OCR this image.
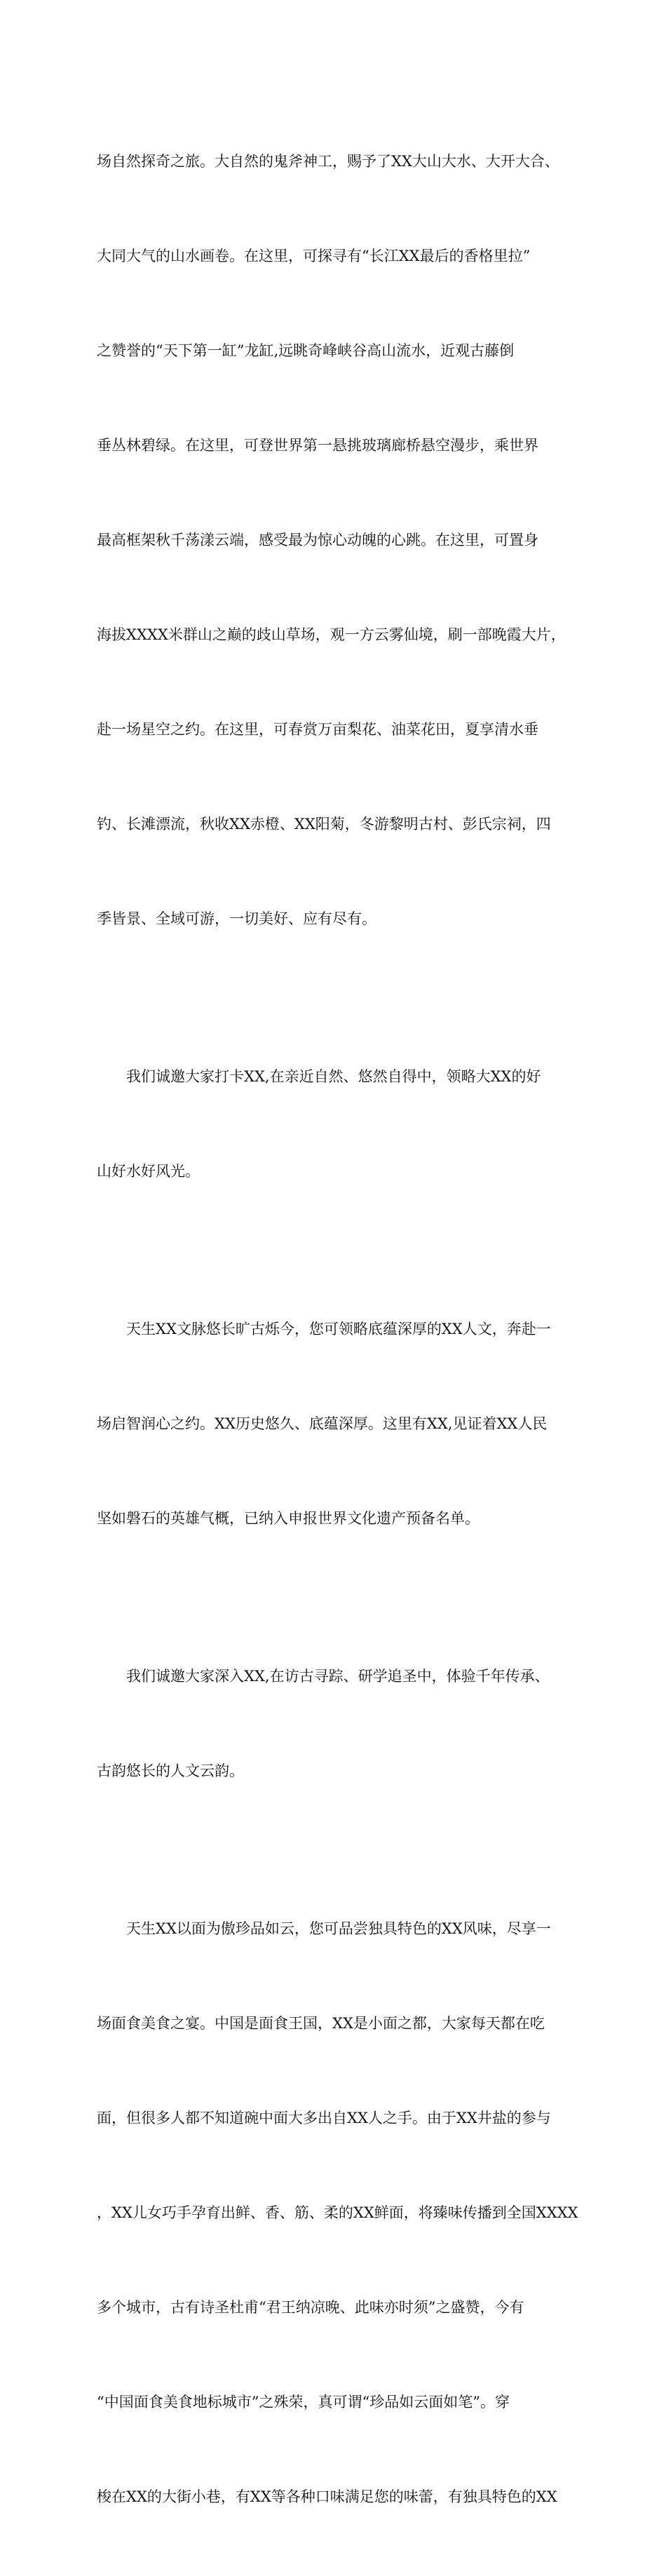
场自然探奇之旅。大自然的鬼斧神工，赐予了XX大山大水、大开大合、

大同大气的山水画卷。在这里，可探寻有“长江XX最后的香格里拉”

之赞誉的“天下第一缸”龙缸,远眺奇峰峡谷高山流水，近观古藤倒

垂丛林碧绿。在这里，可登世界第一悬挑玻璃廊桥悬空漫步，乘世界

最高框架秋千荡漾云端，感受最为惊心动魄的心跳。在这里，可置身

海拔XXXX米群山之巅的歧山草场，观一方云雾仙境，刷一部晚霞大片，

赴一场星空之约。在这里，可春赏万亩梨花、油菜花田，夏享清水垂

钓、长滩漂流，秋收XX赤橙、XX阳菊，冬游黎明古村、彭氏宗祠，四

季皆景、全域可游，一切美好、应有尽有。

　　我们诚邀大家打卡XX,在亲近自然、悠然自得中，领略大XX的好

山好水好风光。

　　天生XX文脉悠长旷古烁今，您可领略底蕴深厚的XX人文，奔赴一

场启智润心之约。XX历史悠久、底蕴深厚。这里有XX,见证着XX人民

坚如磐石的英雄气概，已纳入申报世界文化遗产预备名单。

　　我们诚邀大家深入XX,在访古寻踪、研学追圣中，体验千年传承、

古韵悠长的人文云韵。

　　天生XX以面为傲珍品如云，您可品尝独具特色的XX风味，尽享一

场面食美食之宴。中国是面食王国，XX是小面之都，大家每天都在吃

面，但很多人都不知道碗中面大多出自XX人之手。由于XX井盐的参与

，XX儿女巧手孕育出鲜、香、筋、柔的XX鲜面，将臻味传播到全国XXXX

多个城市，古有诗圣杜甫“君王纳凉晚、此味亦时须”之盛赞，今有

“中国面食美食地标城市”之殊荣，真可谓“珍品如云面如笔”。穿

梭在XX的大街小巷，有XX等各种口味满足您的味蕾，有独具特色的XX
